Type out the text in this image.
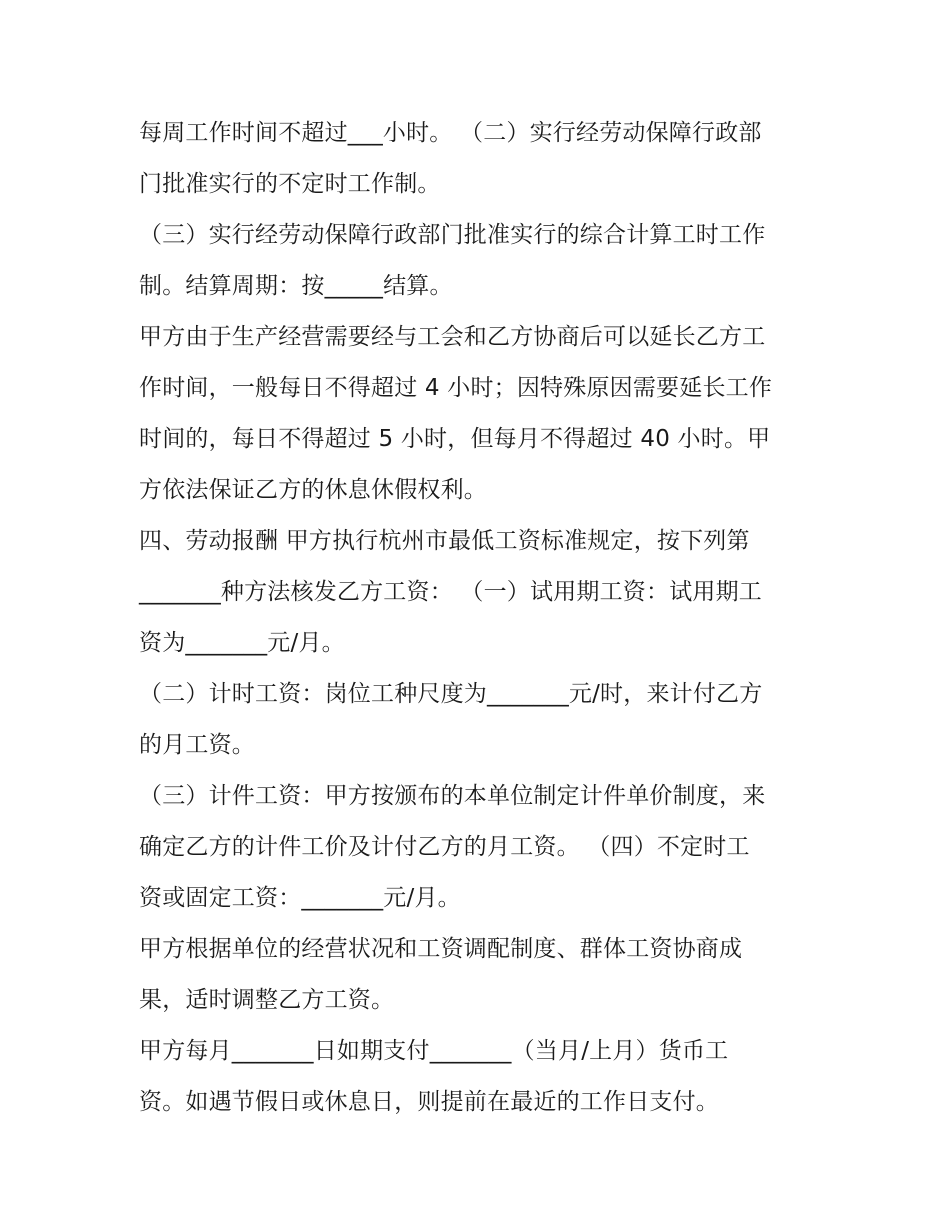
每周工作时间不超过___小时。 （二）实行经劳动保障行政部
门批准实行的不定时工作制。
（三）实行经劳动保障行政部门批准实行的综合计算工时工作
制。结算周期：按_____结算。
甲方由于生产经营需要经与工会和乙方协商后可以延长乙方工
作时间，一般每日不得超过 4 小时；因特殊原因需要延长工作
时间的，每日不得超过 5 小时，但每月不得超过 40 小时。甲
方依法保证乙方的休息休假权利。
四、劳动报酬 甲方执行杭州市最低工资标准规定，按下列第
_______种方法核发乙方工资： （一）试用期工资：试用期工
资为_______元/月。
（二）计时工资：岗位工种尺度为_______元/时，来计付乙方
的月工资。
（三）计件工资：甲方按颁布的本单位制定计件单价制度，来
确定乙方的计件工价及计付乙方的月工资。 （四）不定时工
资或固定工资：_______元/月。
甲方根据单位的经营状况和工资调配制度、群体工资协商成
果，适时调整乙方工资。
甲方每月_______日如期支付_______（当月/上月）货币工
资。如遇节假日或休息日，则提前在最近的工作日支付。
